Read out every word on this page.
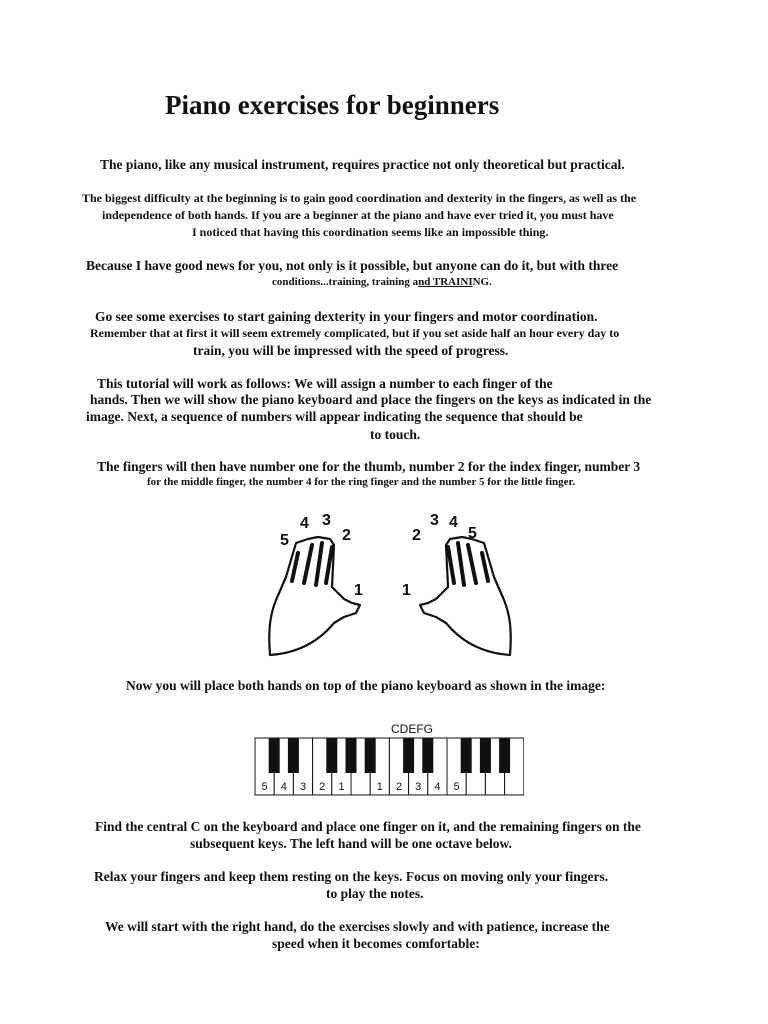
Piano exercises for beginners
The piano, like any musical instrument, requires practice not only theoretical but practical.
The biggest difficulty at the beginning is to gain good coordination and dexterity in the fingers, as well as the
independence of both hands. If you are a beginner at the piano and have ever tried it, you must have
I noticed that having this coordination seems like an impossible thing.
Because I have good news for you, not only is it possible, but anyone can do it, but with three
conditions...training, training and TRAINING.
Go see some exercises to start gaining dexterity in your fingers and motor coordination.
Remember that at first it will seem extremely complicated, but if you set aside half an hour every day to
train, you will be impressed with the speed of progress.
This tutorial will work as follows: We will assign a number to each finger of the
hands. Then we will show the piano keyboard and place the fingers on the keys as indicated in the
image. Next, a sequence of numbers will appear indicating the sequence that should be
to touch.
The fingers will then have number one for the thumb, number 2 for the index finger, number 3
for the middle finger, the number 4 for the ring finger and the number 5 for the little finger.
5
4 3
2
1 1
2
3 4
5
Now you will place both hands on top of the piano keyboard as shown in the image:
CDEFG
5 4 3 2 1	1 2 3 4 5
Find the central C on the keyboard and place one finger on it, and the remaining fingers on the
subsequent keys. The left hand will be one octave below.
Relax your fingers and keep them resting on the keys. Focus on moving only your fingers.
to play the notes.
We will start with the right hand, do the exercises slowly and with patience, increase the
speed when it becomes comfortable:
